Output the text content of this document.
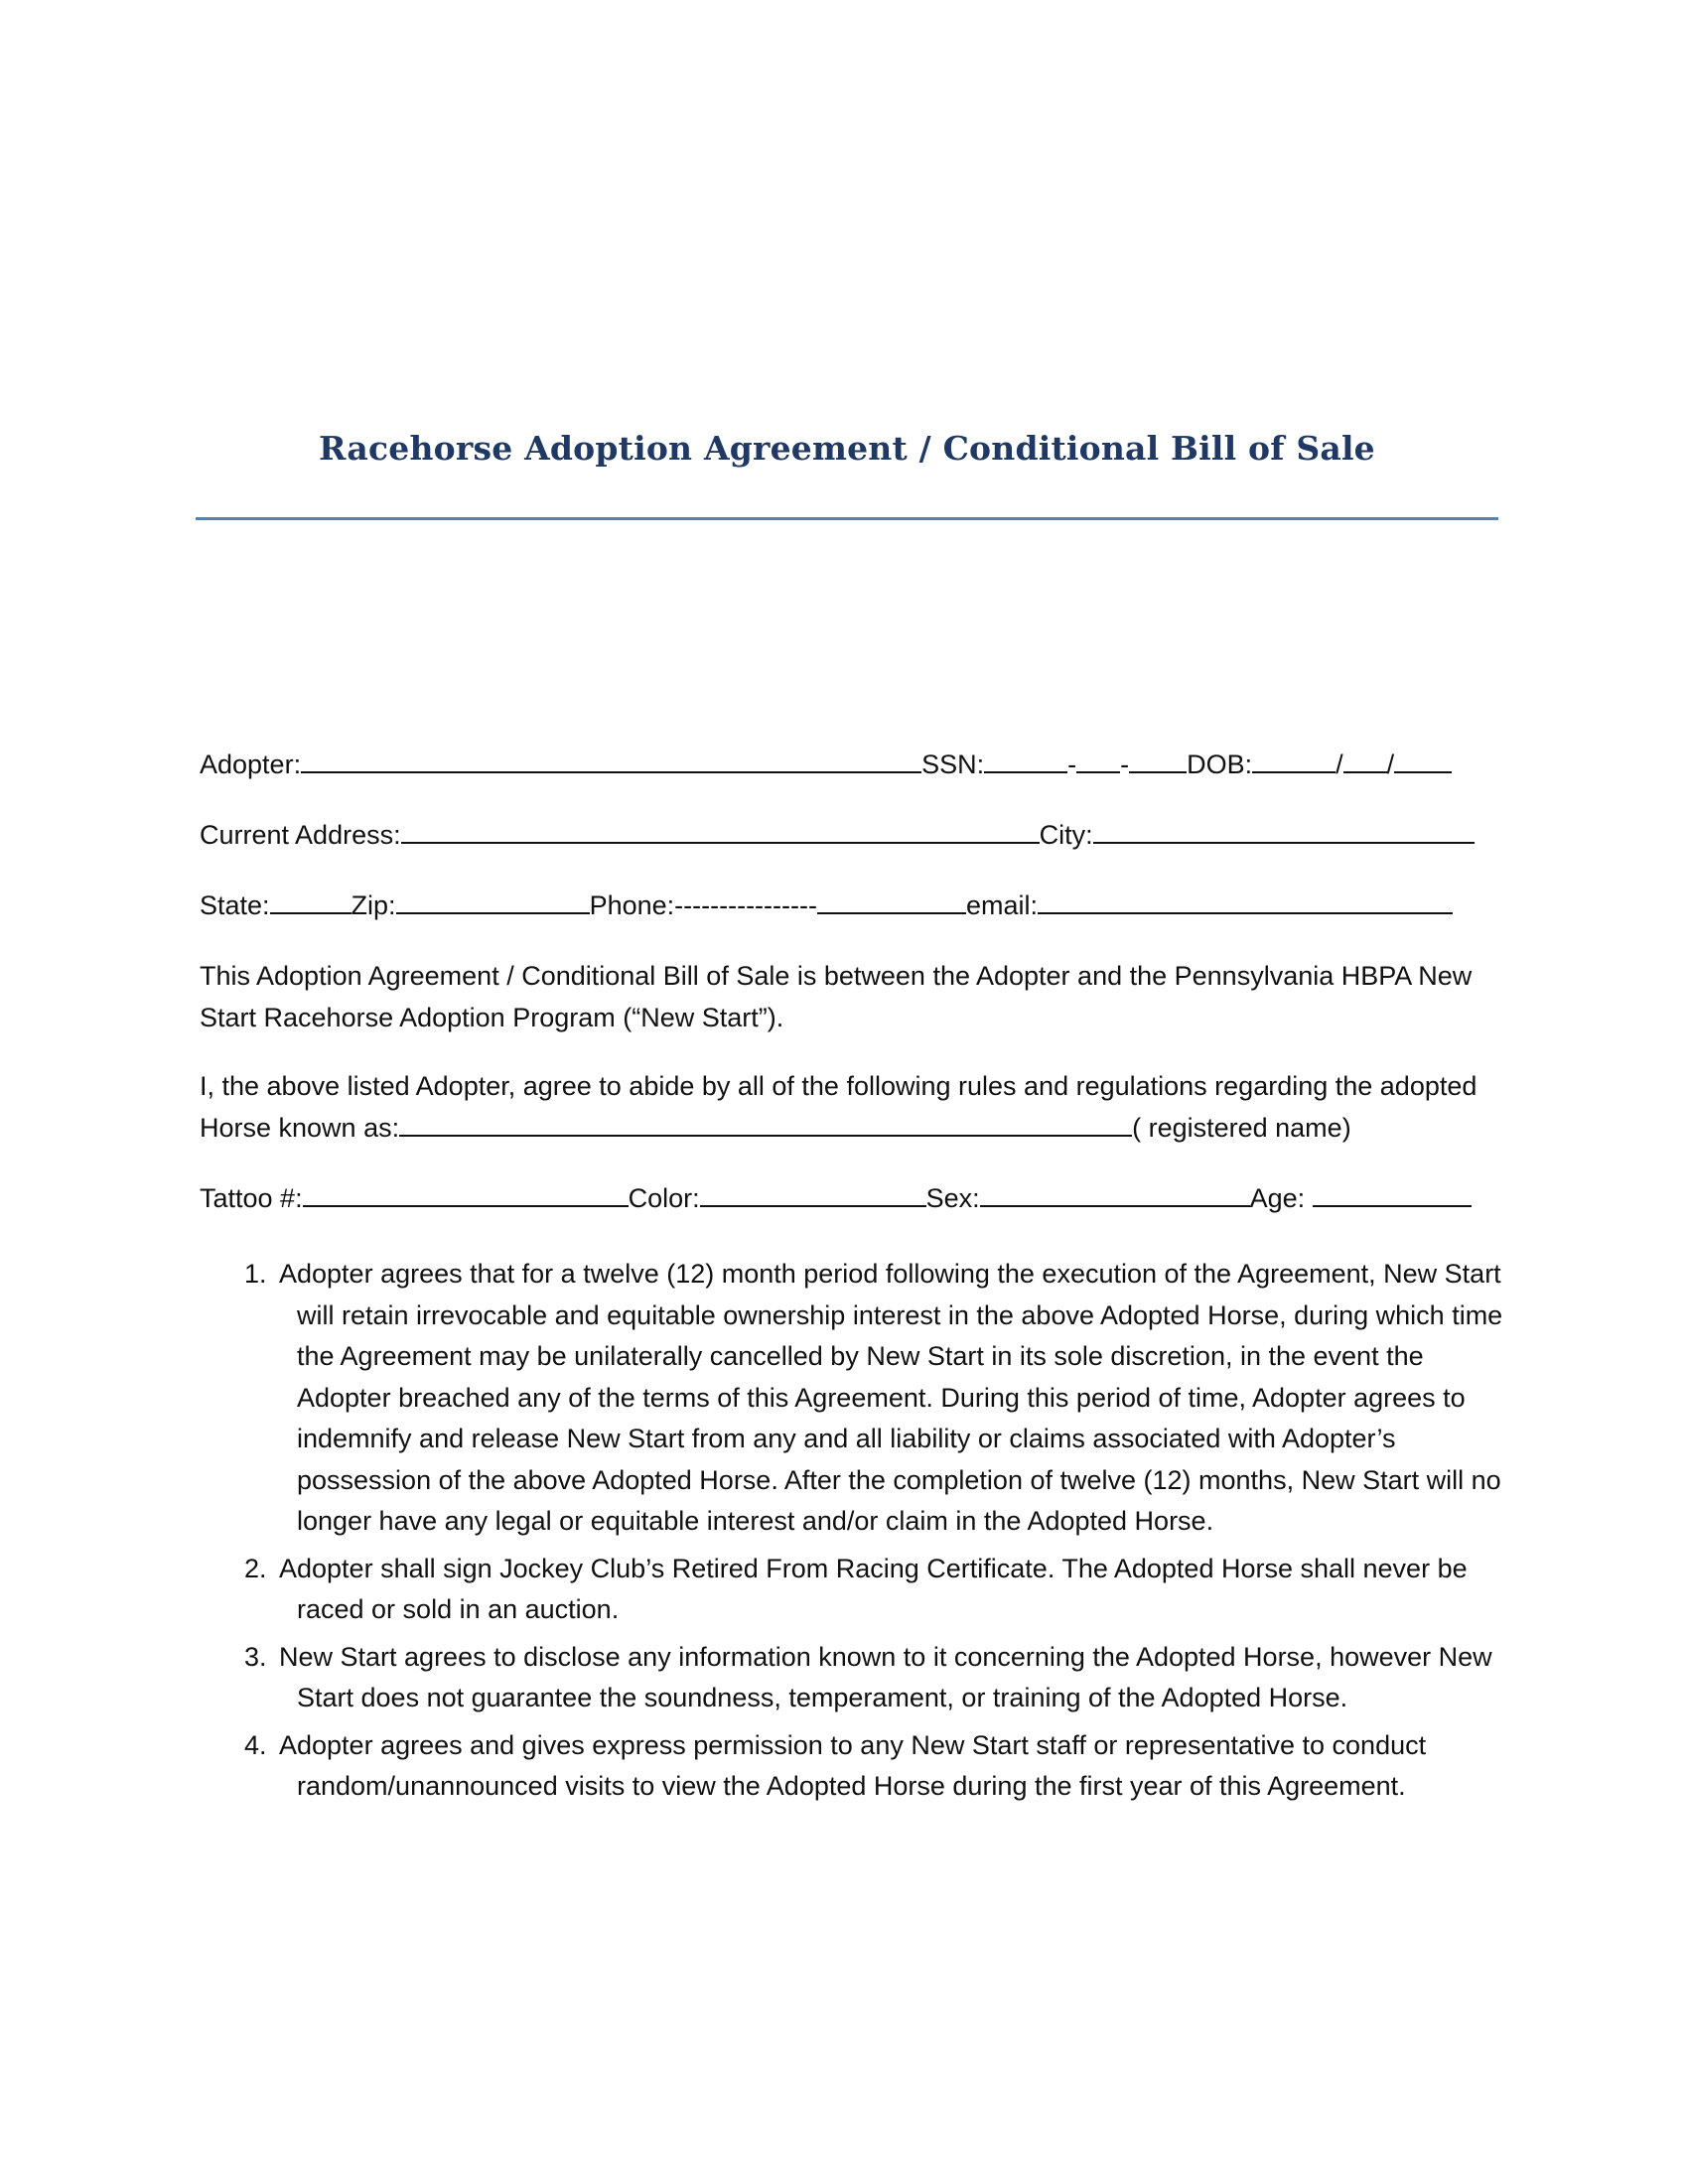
Racehorse Adoption Agreement / Conditional Bill of Sale
Adopter:	SSN:	- - DOB:	/ /
Current Address:	City:
State:	Zip:	Phone:----------------	email:
This Adoption Agreement / Conditional Bill of Sale is between the Adopter and the Pennsylvania HBPA New Start Racehorse Adoption Program (“New Start”).
I, the above listed Adopter, agree to abide by all of the following rules and regulations regarding the adopted Horse known as:	( registered name)
Tattoo #:	Color:	Sex:	Age:
1. Adopter agrees that for a twelve (12) month period following the execution of the Agreement, New Start will retain irrevocable and equitable ownership interest in the above Adopted Horse, during which time the Agreement may be unilaterally cancelled by New Start in its sole discretion, in the event the Adopter breached any of the terms of this Agreement. During this period of time, Adopter agrees to indemnify and release New Start from any and all liability or claims associated with Adopter’s possession of the above Adopted Horse. After the completion of twelve (12) months, New Start will no longer have any legal or equitable interest and/or claim in the Adopted Horse.
2. Adopter shall sign Jockey Club’s Retired From Racing Certificate. The Adopted Horse shall never be raced or sold in an auction.
3. New Start agrees to disclose any information known to it concerning the Adopted Horse, however New Start does not guarantee the soundness, temperament, or training of the Adopted Horse.
4. Adopter agrees and gives express permission to any New Start staff or representative to conduct random/unannounced visits to view the Adopted Horse during the first year of this Agreement.
